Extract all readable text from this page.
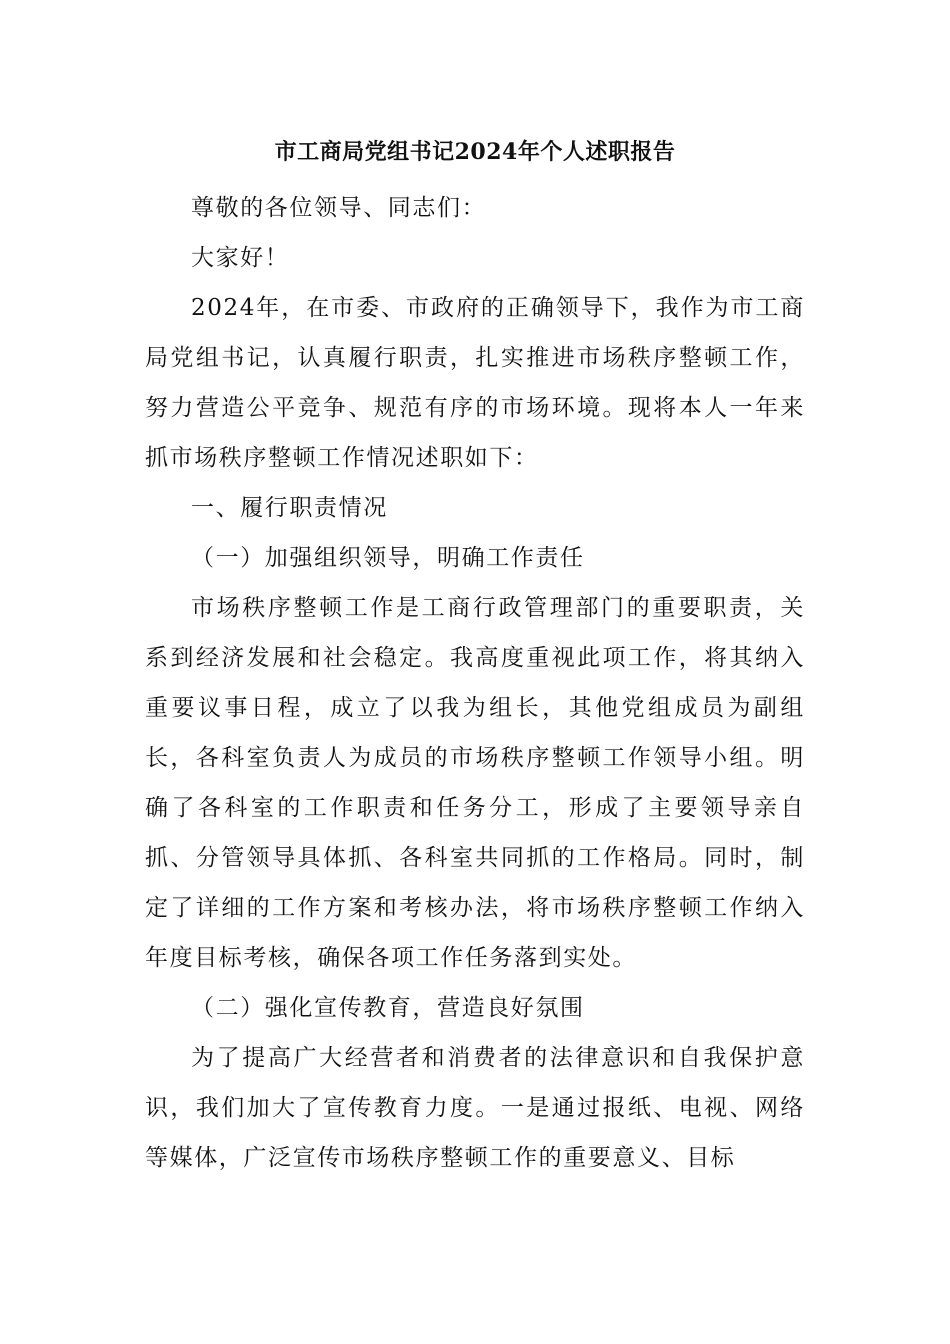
市工商局党组书记2024年个人述职报告

尊敬的各位领导、同志们：

大家好！

2024年，在市委、市政府的正确领导下，我作为市工商局党组书记，认真履行职责，扎实推进市场秩序整顿工作，努力营造公平竞争、规范有序的市场环境。现将本人一年来抓市场秩序整顿工作情况述职如下：

一、履行职责情况

（一）加强组织领导，明确工作责任

市场秩序整顿工作是工商行政管理部门的重要职责，关系到经济发展和社会稳定。我高度重视此项工作，将其纳入重要议事日程，成立了以我为组长，其他党组成员为副组长，各科室负责人为成员的市场秩序整顿工作领导小组。明确了各科室的工作职责和任务分工，形成了主要领导亲自抓、分管领导具体抓、各科室共同抓的工作格局。同时，制定了详细的工作方案和考核办法，将市场秩序整顿工作纳入年度目标考核，确保各项工作任务落到实处。

（二）强化宣传教育，营造良好氛围

为了提高广大经营者和消费者的法律意识和自我保护意识，我们加大了宣传教育力度。一是通过报纸、电视、网络等媒体，广泛宣传市场秩序整顿工作的重要意义、目标
